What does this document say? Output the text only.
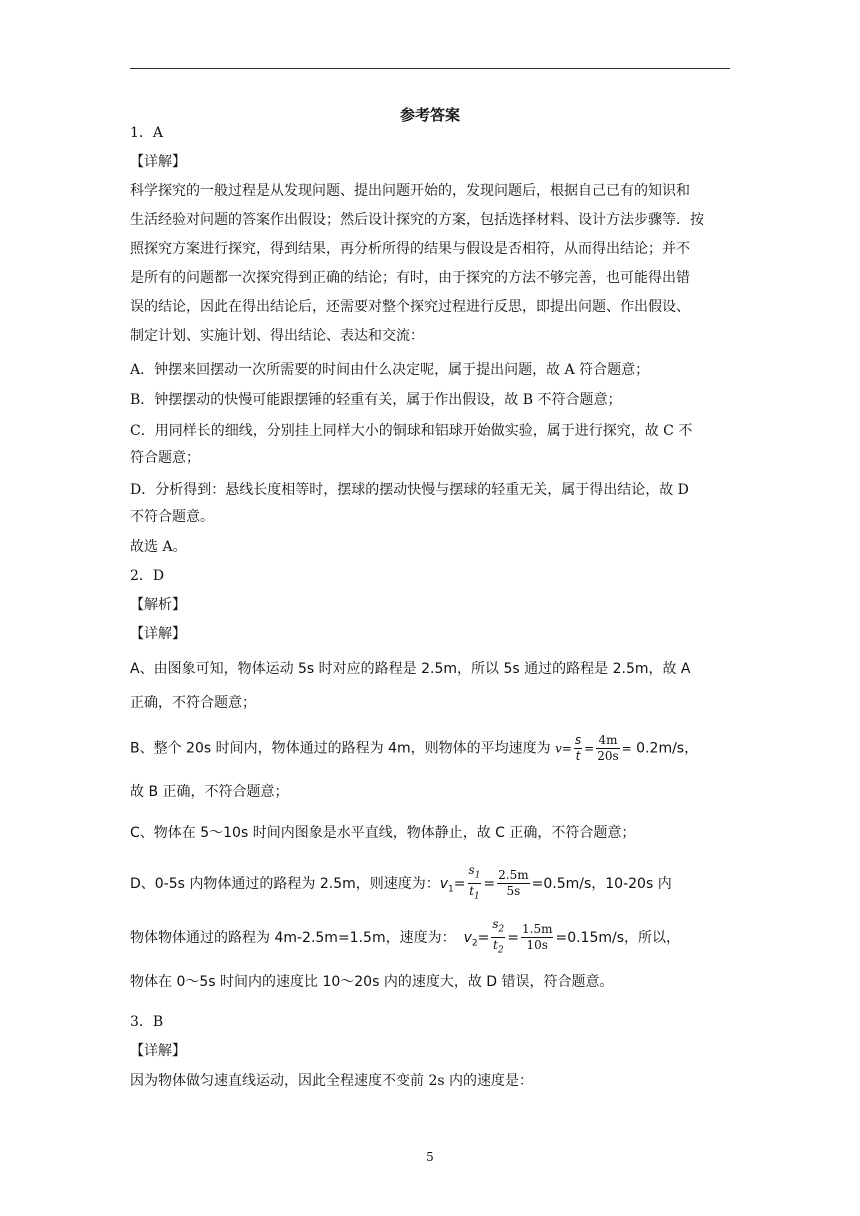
参考答案
1．A
【详解】
科学探究的一般过程是从发现问题、提出问题开始的，发现问题后，根据自己已有的知识和
生活经验对问题的答案作出假设；然后设计探究的方案，包括选择材料、设计方法步骤等．按
照探究方案进行探究，得到结果，再分析所得的结果与假设是否相符，从而得出结论；并不
是所有的问题都一次探究得到正确的结论；有时，由于探究的方法不够完善，也可能得出错
误的结论，因此在得出结论后，还需要对整个探究过程进行反思，即提出问题、作出假设、
制定计划、实施计划、得出结论、表达和交流：
A．钟摆来回摆动一次所需要的时间由什么决定呢，属于提出问题，故 A 符合题意；
B．钟摆摆动的快慢可能跟摆锤的轻重有关，属于作出假设，故 B 不符合题意；
C．用同样长的细线，分别挂上同样大小的铜球和铝球开始做实验，属于进行探究，故 C 不
符合题意；
D．分析得到：悬线长度相等时，摆球的摆动快慢与摆球的轻重无关，属于得出结论，故 D
不符合题意。
故选 A。
2．D
【解析】
【详解】
A、由图象可知，物体运动 5s 时对应的路程是 2.5m，所以 5s 通过的路程是 2.5m，故 A
正确，不符合题意；
B、整个 20s 时间内，物体通过的路程为 4m，则物体的平均速度为 $v= \frac{s}{t} = \frac{4m}{20s} = 0.2m/s$，
故 B 正确，不符合题意；
C、物体在 5～10s 时间内图象是水平直线，物体静止，故 C 正确，不符合题意；
D、0-5s 内物体通过的路程为 2.5m，则速度为：$v_1= \frac{s_1}{t_1} = \frac{2.5m}{5s} =0.5m/s$，10-20s 内
物体物体通过的路程为 4m-2.5m=1.5m，速度为： $v_2= \frac{s_2}{t_2} = \frac{1.5m}{10s} =0.15m/s$，所以，
物体在 0～5s 时间内的速度比 10～20s 内的速度大，故 D 错误，符合题意。
3．B
【详解】
因为物体做匀速直线运动，因此全程速度不变前 2s 内的速度是：
5
